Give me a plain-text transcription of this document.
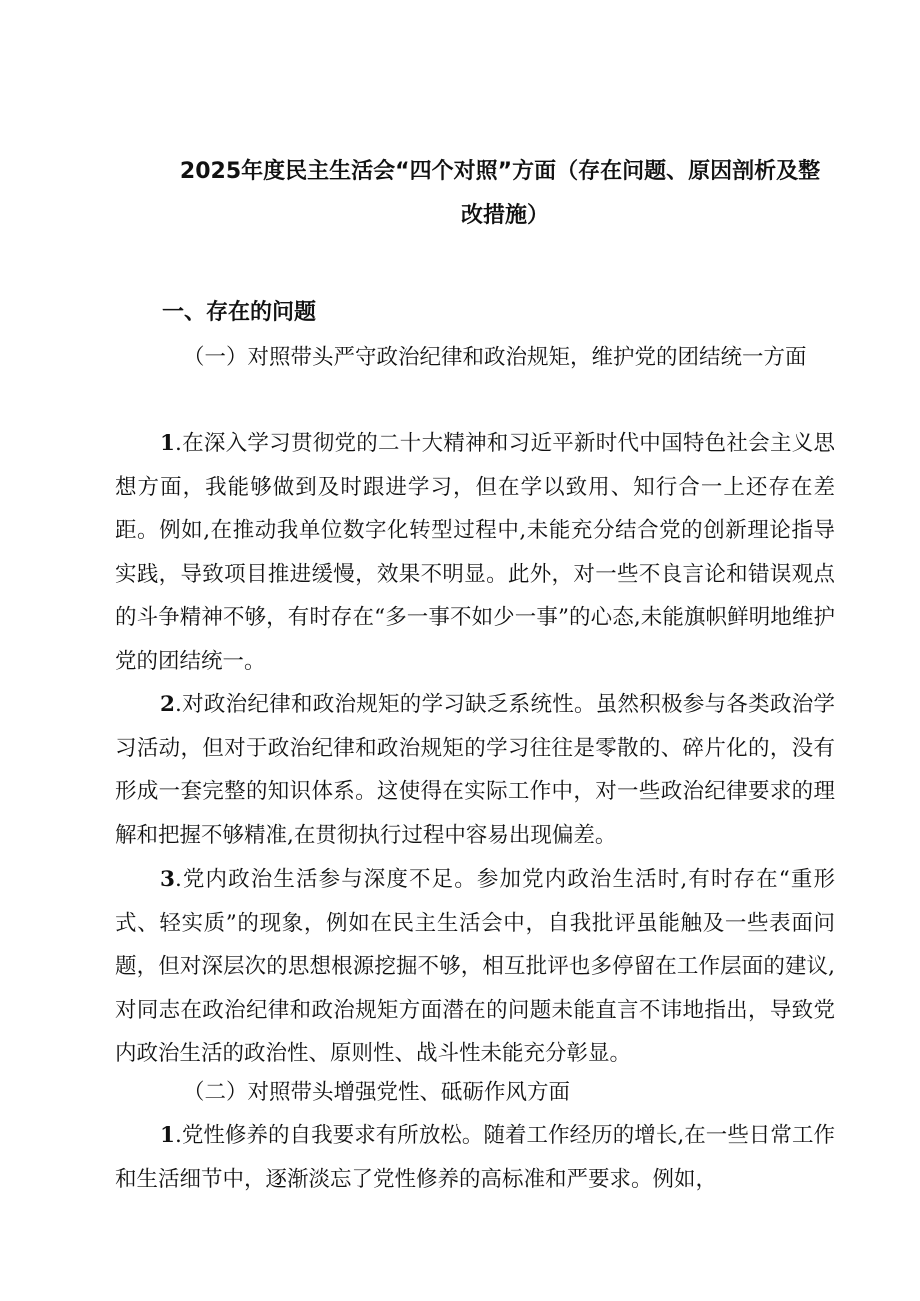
2025年度民主生活会“四个对照”方面（存在问题、原因剖析及整
改措施）
一、存在的问题

（一）对照带头严守政治纪律和政治规矩，维护党的团结统一方面

1.在深入学习贯彻党的二十大精神和习近平新时代中国特色社会主义思想方面，我能够做到及时跟进学习，但在学以致用、知行合一上还存在差距。例如,在推动我单位数字化转型过程中,未能充分结合党的创新理论指导实践，导致项目推进缓慢，效果不明显。此外，对一些不良言论和错误观点的斗争精神不够，有时存在“多一事不如少一事”的心态,未能旗帜鲜明地维护党的团结统一。

2.对政治纪律和政治规矩的学习缺乏系统性。虽然积极参与各类政治学习活动，但对于政治纪律和政治规矩的学习往往是零散的、碎片化的，没有形成一套完整的知识体系。这使得在实际工作中，对一些政治纪律要求的理解和把握不够精准,在贯彻执行过程中容易出现偏差。

3.党内政治生活参与深度不足。参加党内政治生活时,有时存在“重形式、轻实质”的现象，例如在民主生活会中，自我批评虽能触及一些表面问题，但对深层次的思想根源挖掘不够，相互批评也多停留在工作层面的建议,对同志在政治纪律和政治规矩方面潜在的问题未能直言不讳地指出，导致党内政治生活的政治性、原则性、战斗性未能充分彰显。

（二）对照带头增强党性、砥砺作风方面

1.党性修养的自我要求有所放松。随着工作经历的增长,在一些日常工作和生活细节中，逐渐淡忘了党性修养的高标准和严要求。例如，
